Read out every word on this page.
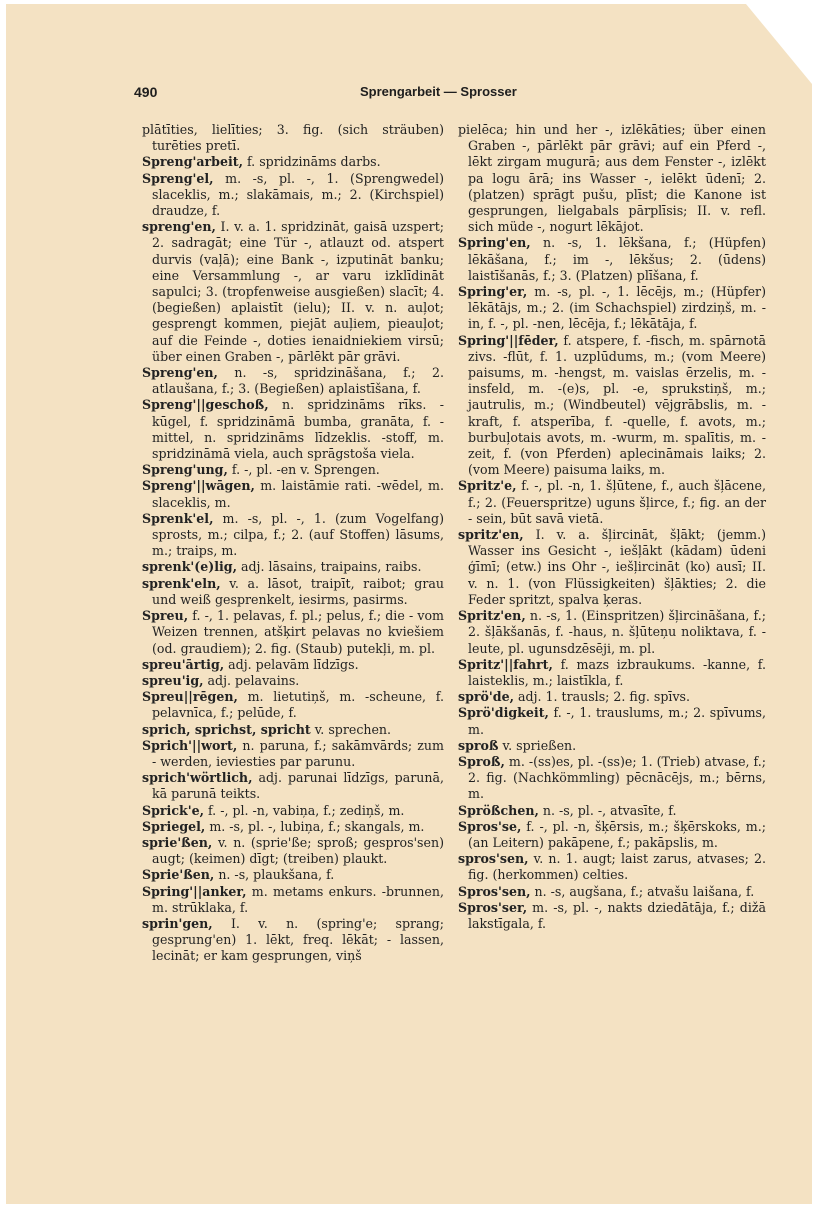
490	Sprengarbeit — Sprosser
plātīties, lielīties; 3. fig. (sich sträuben) turēties pretī.
Spreng'arbeit, f. spridzināms darbs.
Spreng'el, m. -s, pl. -, 1. (Sprengwedel) slaceklis, m.; slakāmais, m.; 2. (Kirchspiel) draudze, f.
spreng'en, I. v. a. 1. spridzināt, gaisā uzspert; 2. sadragāt; eine Tür -, atlauzt od. atspert durvis (vaļā); eine Bank -, izputināt banku; eine Versammlung -, ar varu izklīdināt sapulci; 3. (tropfenweise ausgießen) slacīt; 4. (begießen) aplaistīt (ielu); II. v. n. auļot; gesprengt kommen, piejāt auļiem, pieauļot; auf die Feinde -, doties ienaidniekiem virsū; über einen Graben -, pārlēkt pār grāvi.
Spreng'en, n. -s, spridzināšana, f.; 2. atlaušana, f.; 3. (Begießen) aplaistīšana, f.
Spreng'||geschoß, n. spridzināms rīks. -kūgel, f. spridzināmā bumba, granāta, f. -mittel, n. spridzināms līdzeklis. -stoff, m. spridzināmā viela, auch sprāgstoša viela.
Spreng'ung, f. -, pl. -en v. Sprengen.
Spreng'||wāgen, m. laistāmie rati. -wēdel, m. slaceklis, m.
Sprenk'el, m. -s, pl. -, 1. (zum Vogelfang) sprosts, m.; cilpa, f.; 2. (auf Stoffen) lāsums, m.; traips, m.
sprenk'(e)lig, adj. lāsains, traipains, raibs.
sprenk'eln, v. a. lāsot, traipīt, raibot; grau und weiß gesprenkelt, iesirms, pasirms.
Spreu, f. -, 1. pelavas, f. pl.; pelus, f.; die - vom Weizen trennen, atšķirt pelavas no kviešiem (od. graudiem); 2. fig. (Staub) putekļi, m. pl.
spreu'ārtig, adj. pelavām līdzīgs.
spreu'ig, adj. pelavains.
Spreu||rēgen, m. lietutiņš, m. -scheune, f. pelavnīca, f.; pelūde, f.
sprich, sprichst, spricht v. sprechen.
Sprich'||wort, n. paruna, f.; sakāmvārds; zum - werden, ieviesties par parunu.
sprich'wörtlich, adj. parunai līdzīgs, parunā, kā parunā teikts.
Sprick'e, f. -, pl. -n, vabiņa, f.; zediņš, m.
Spriegel, m. -s, pl. -, lubiņa, f.; skangals, m.
sprie'ßen, v. n. (sprie'ße; sproß; gespros'sen) augt; (keimen) dīgt; (treiben) plaukt.
Sprie'ßen, n. -s, plaukšana, f.
Spring'||anker, m. metams enkurs. -brunnen, m. strūklaka, f.
sprin'gen, I. v. n. (spring'e; sprang; gesprung'en) 1. lēkt, freq. lēkāt; - lassen, lecināt; er kam gesprungen, viņš
pielēca; hin und her -, izlēkāties; über einen Graben -, pārlēkt pār grāvi; auf ein Pferd -, lēkt zirgam mugurā; aus dem Fenster -, izlēkt pa logu ārā; ins Wasser -, ielēkt ūdenī; 2. (platzen) sprāgt pušu, plīst; die Kanone ist gesprungen, lielgabals pārplīsis; II. v. refl. sich müde -, nogurt lēkājot.
Spring'en, n. -s, 1. lēkšana, f.; (Hüpfen) lēkāšana, f.; im -, lēkšus; 2. (ūdens) laistīšanās, f.; 3. (Platzen) plīšana, f.
Spring'er, m. -s, pl. -, 1. lēcējs, m.; (Hüpfer) lēkātājs, m.; 2. (im Schachspiel) zirdziņš, m. -in, f. -, pl. -nen, lēcēja, f.; lēkātāja, f.
Spring'||fēder, f. atspere, f. -fisch, m. spārnotā zivs. -flūt, f. 1. uzplūdums, m.; (vom Meere) paisums, m. -hengst, m. vaislas ērzelis, m. -insfeld, m. -(e)s, pl. -e, sprukstiņš, m.; jautrulis, m.; (Windbeutel) vējgrābslis, m. -kraft, f. atsperība, f. -quelle, f. avots, m.; burbuļotais avots, m. -wurm, m. spalītis, m. -zeit, f. (von Pferden) aplecināmais laiks; 2. (vom Meere) paisuma laiks, m.
Spritz'e, f. -, pl. -n, 1. šļūtene, f., auch šļācene, f.; 2. (Feuerspritze) uguns šļirce, f.; fig. an der - sein, būt savā vietā.
spritz'en, I. v. a. šļircināt, šļākt; (jemm.) Wasser ins Gesicht -, iešļākt (kādam) ūdeni ģīmī; (etw.) ins Ohr -, iešļircināt (ko) ausī; II. v. n. 1. (von Flüssigkeiten) šļākties; 2. die Feder spritzt, spalva ķeras.
Spritz'en, n. -s, 1. (Einspritzen) šļircināšana, f.; 2. šļākšanās, f. -haus, n. šļūteņu noliktava, f. -leute, pl. ugunsdzēsēji, m. pl.
Spritz'||fahrt, f. mazs izbraukums. -kanne, f. laisteklis, m.; laistīkla, f.
sprö'de, adj. 1. trausls; 2. fig. spīvs.
Sprö'digkeit, f. -, 1. trauslums, m.; 2. spīvums, m.
sproß v. sprießen.
Sproß, m. -(ss)es, pl. -(ss)e; 1. (Trieb) atvase, f.; 2. fig. (Nachkömmling) pēcnācējs, m.; bērns, m.
Sprößchen, n. -s, pl. -, atvasīte, f.
Spros'se, f. -, pl. -n, šķērsis, m.; šķērskoks, m.; (an Leitern) pakāpene, f.; pakāpslis, m.
spros'sen, v. n. 1. augt; laist zarus, atvases; 2. fig. (herkommen) celties.
Spros'sen, n. -s, augšana, f.; atvašu laišana, f.
Spros'ser, m. -s, pl. -, nakts dziedātāja, f.; dižā lakstīgala, f.
